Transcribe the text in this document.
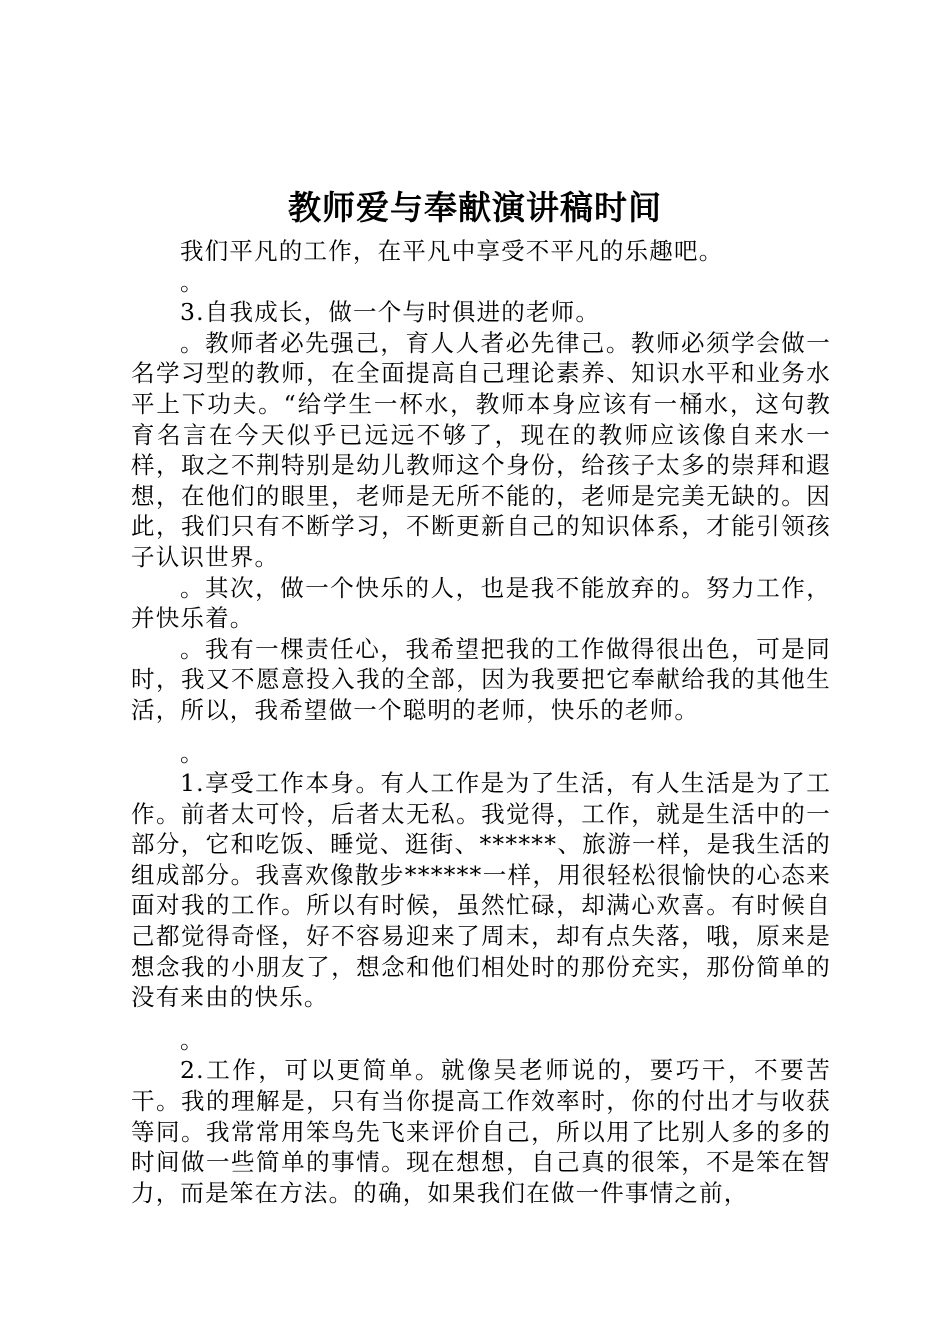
教师爱与奉献演讲稿时间

我们平凡的工作，在平凡中享受不平凡的乐趣吧。

。

3.自我成长，做一个与时俱进的老师。

。教师者必先强己，育人人者必先律己。教师必须学会做一名学习型的教师，在全面提高自己理论素养、知识水平和业务水平上下功夫。“给学生一杯水，教师本身应该有一桶水，这句教育名言在今天似乎已远远不够了，现在的教师应该像自来水一样，取之不荆特别是幼儿教师这个身份，给孩子太多的崇拜和遐想，在他们的眼里，老师是无所不能的，老师是完美无缺的。因此，我们只有不断学习，不断更新自己的知识体系，才能引领孩子认识世界。

。其次，做一个快乐的人，也是我不能放弃的。努力工作，并快乐着。

。我有一棵责任心，我希望把我的工作做得很出色，可是同时，我又不愿意投入我的全部，因为我要把它奉献给我的其他生活，所以，我希望做一个聪明的老师，快乐的老师。

。

1.享受工作本身。有人工作是为了生活，有人生活是为了工作。前者太可怜，后者太无私。我觉得，工作，就是生活中的一部分，它和吃饭、睡觉、逛街、******、旅游一样，是我生活的组成部分。我喜欢像散步******一样，用很轻松很愉快的心态来面对我的工作。所以有时候，虽然忙碌，却满心欢喜。有时候自己都觉得奇怪，好不容易迎来了周末，却有点失落，哦，原来是想念我的小朋友了，想念和他们相处时的那份充实，那份简单的没有来由的快乐。

。

2.工作，可以更简单。就像吴老师说的，要巧干，不要苦干。我的理解是，只有当你提高工作效率时，你的付出才与收获等同。我常常用笨鸟先飞来评价自己，所以用了比别人多的多的时间做一些简单的事情。现在想想，自己真的很笨，不是笨在智力，而是笨在方法。的确，如果我们在做一件事情之前，
